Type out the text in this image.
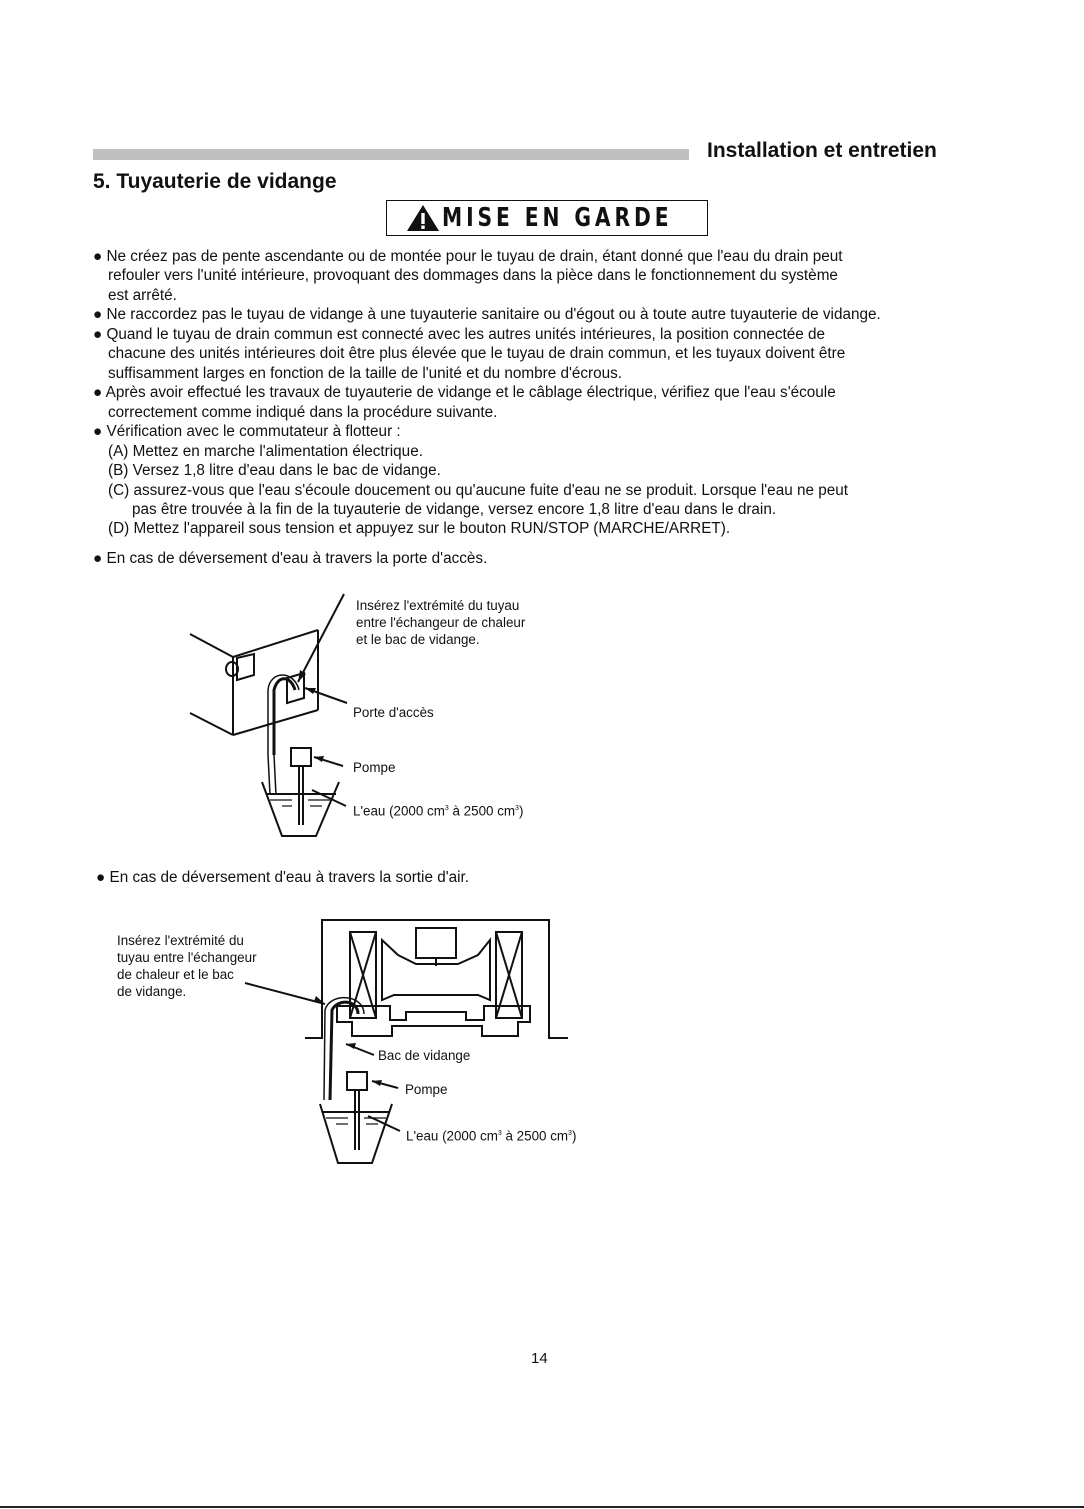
Installation et entretien
5. Tuyauterie de vidange
MISE EN GARDE
● Ne créez pas de pente ascendante ou de montée pour le tuyau de drain, étant donné que l'eau du drain peut
refouler vers l'unité intérieure, provoquant des dommages dans la pièce dans le fonctionnement du système
est arrêté.
● Ne raccordez pas le tuyau de vidange à une tuyauterie sanitaire ou d'égout ou à toute autre tuyauterie de vidange.
● Quand le tuyau de drain commun est connecté avec les autres unités intérieures, la position connectée de
chacune des unités intérieures doit être plus élevée que le tuyau de drain commun, et les tuyaux doivent être
suffisamment larges en fonction de la taille de l'unité et du nombre d'écrous.
● Après avoir effectué les travaux de tuyauterie de vidange et le câblage électrique, vérifiez que l'eau s'écoule
correctement comme indiqué dans la procédure suivante.
● Vérification avec le commutateur à flotteur :
(A) Mettez en marche l'alimentation électrique.
(B) Versez 1,8 litre d'eau dans le bac de vidange.
(C) assurez-vous que l'eau s'écoule doucement ou qu'aucune fuite d'eau ne se produit. Lorsque l'eau ne peut
pas être trouvée à la fin de la tuyauterie de vidange, versez encore 1,8 litre d'eau dans le drain.
(D) Mettez l'appareil sous tension et appuyez sur le bouton RUN/STOP (MARCHE/ARRET).
● En cas de déversement d'eau à travers la porte d'accès.
Insérez l'extrémité du tuyau
entre l'échangeur de chaleur
et le bac de vidange.
Porte d'accès
Pompe
L'eau (2000 $cm^3$ à 2500 $cm^3$)
● En cas de déversement d'eau à travers la sortie d'air.
Insérez l'extrémité du
tuyau entre l'échangeur
de chaleur et le bac
de vidange.
Bac de vidange
Pompe
L'eau (2000 $cm^3$ à 2500 $cm^3$)
14
